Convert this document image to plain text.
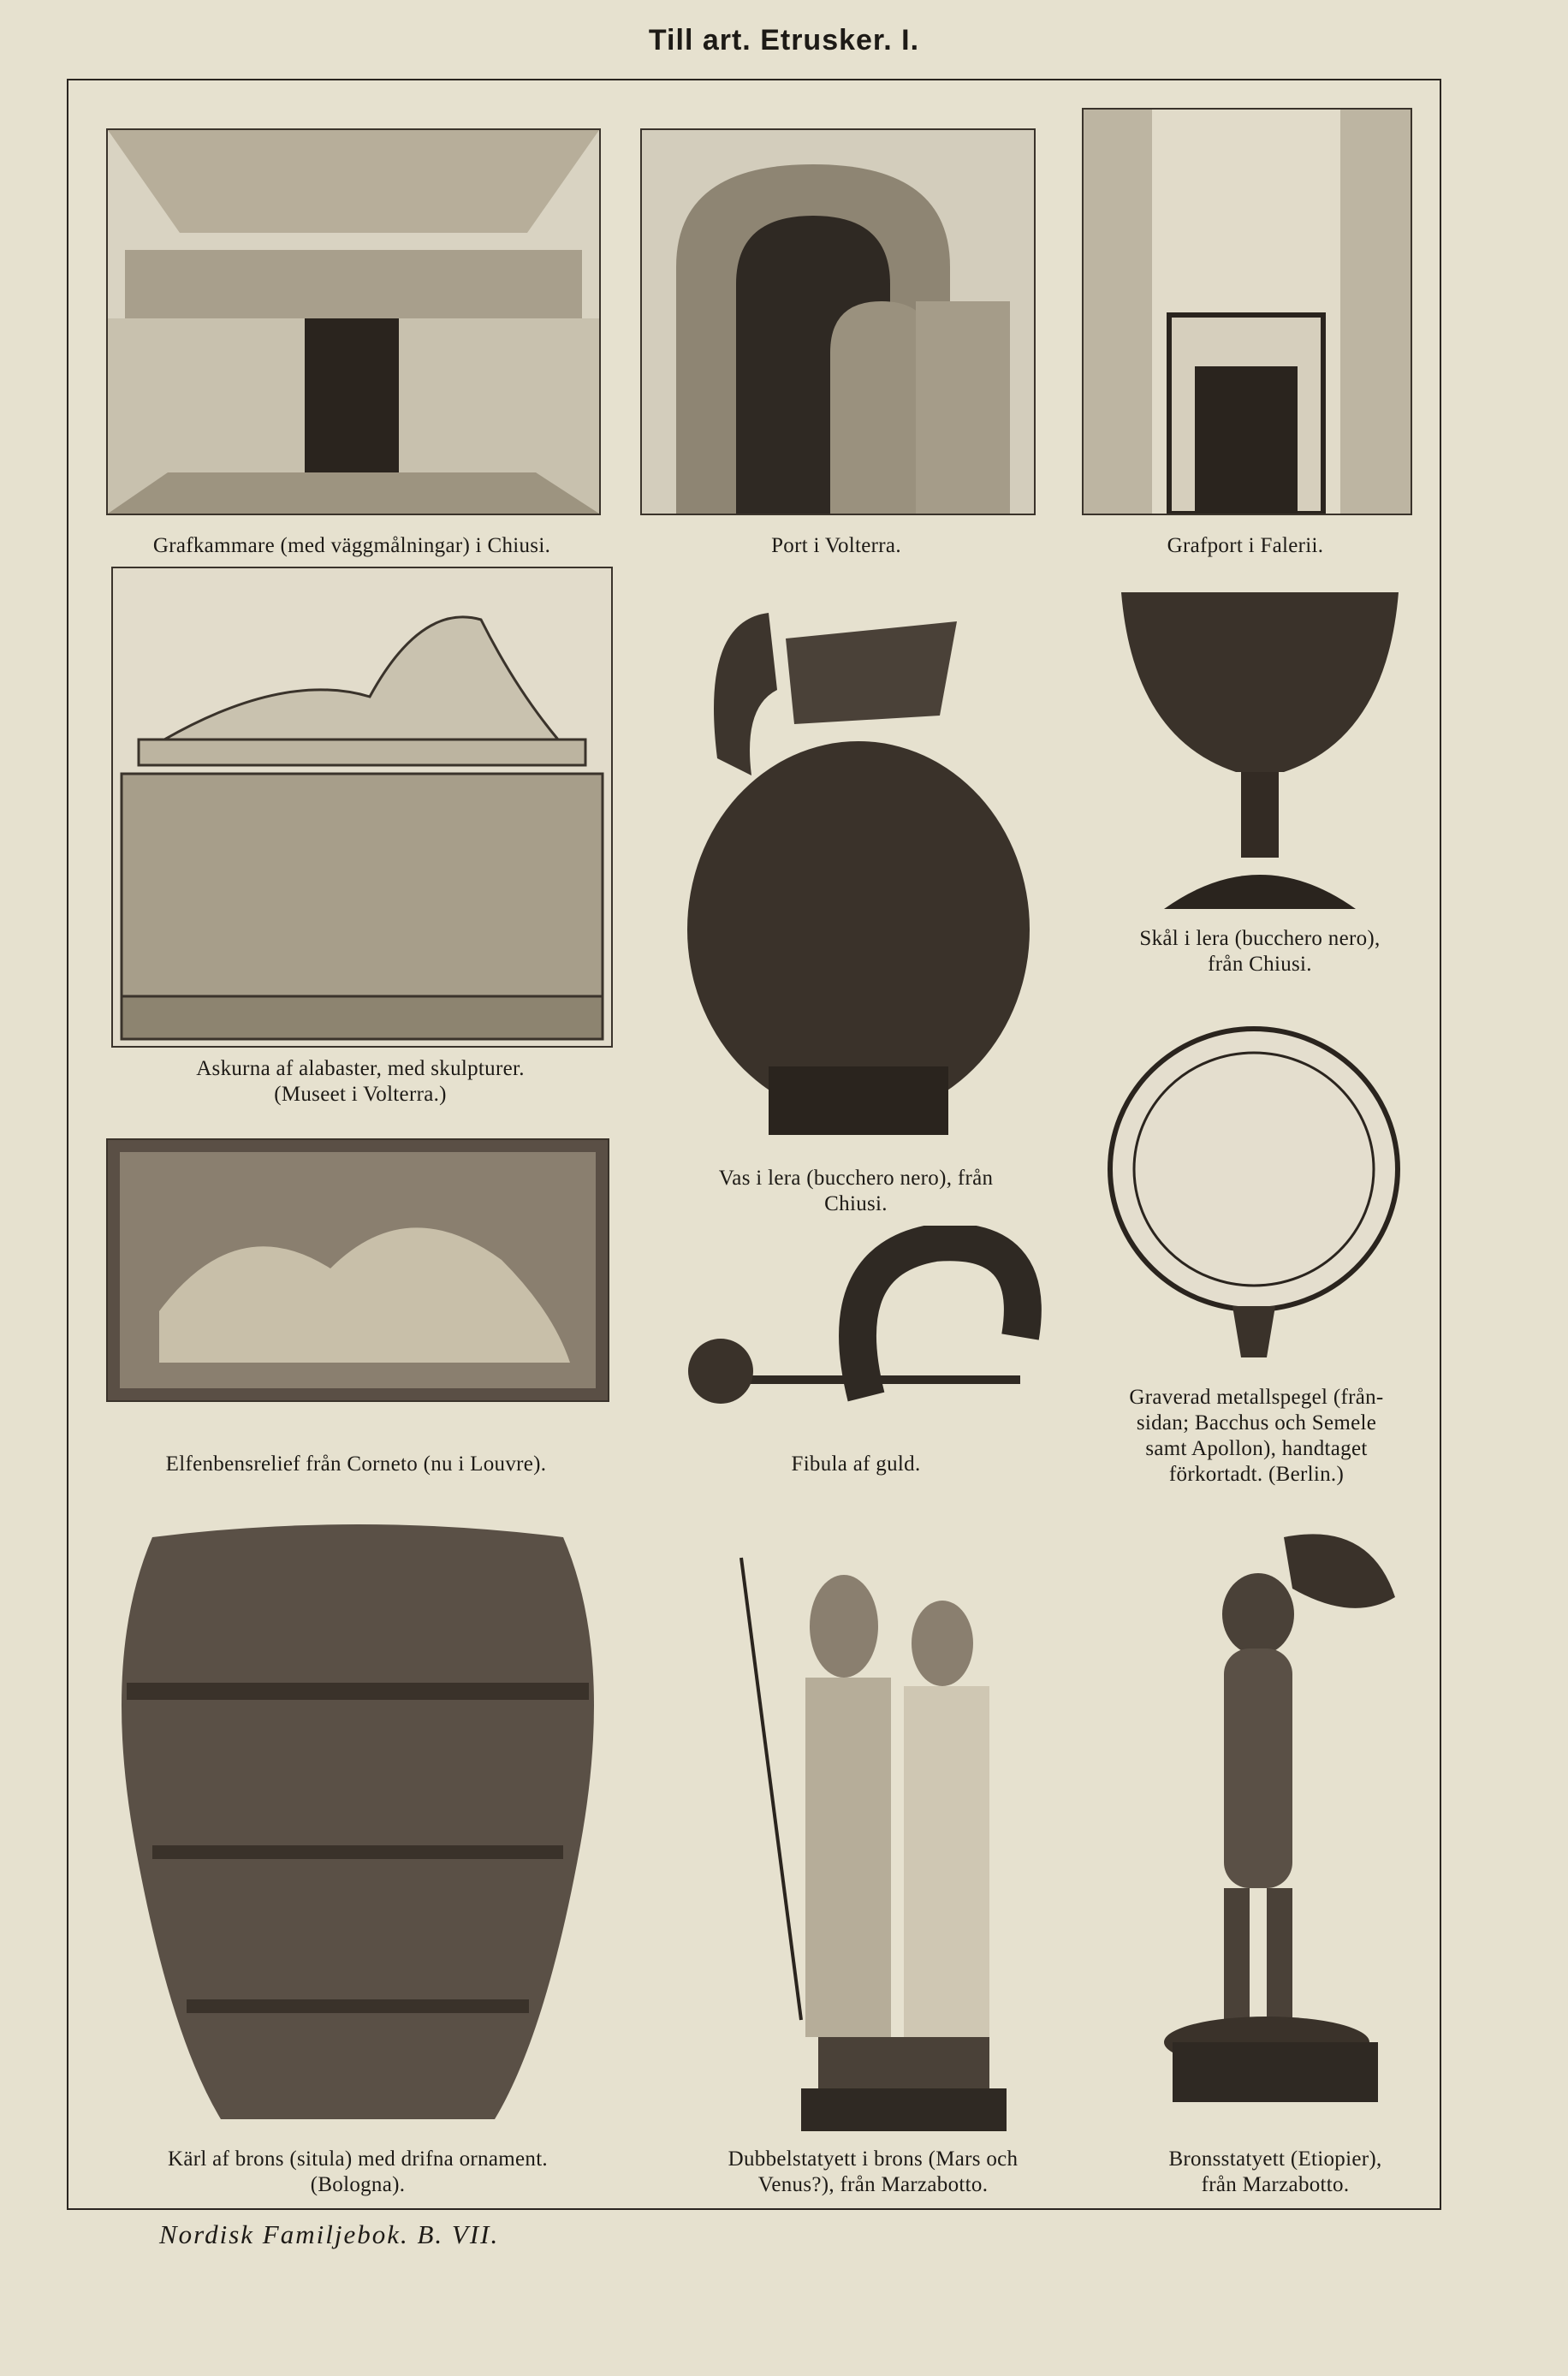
Till art. Etrusker. I.
Grafkammare (med väggmålningar) i Chiusi.	Port i Volterra.	Grafport i Falerii.
Askurna af alabaster, med skulpturer.
(Museet i Volterra.)
Vas i lera (bucchero nero), från
Chiusi.
Skål i lera (bucchero nero),
från Chiusi.
Elfenbensrelief från Corneto (nu i Louvre).	Fibula af guld.
Graverad metallspegel (från-
sidan; Bacchus och Semele
samt Apollon), handtaget
förkortadt. (Berlin.)
Kärl af brons (situla) med drifna ornament.
(Bologna).
Dubbelstatyett i brons (Mars och
Venus?), från Marzabotto.
Bronsstatyett (Etiopier),
från Marzabotto.
Nordisk Familjebok. B. VII.
